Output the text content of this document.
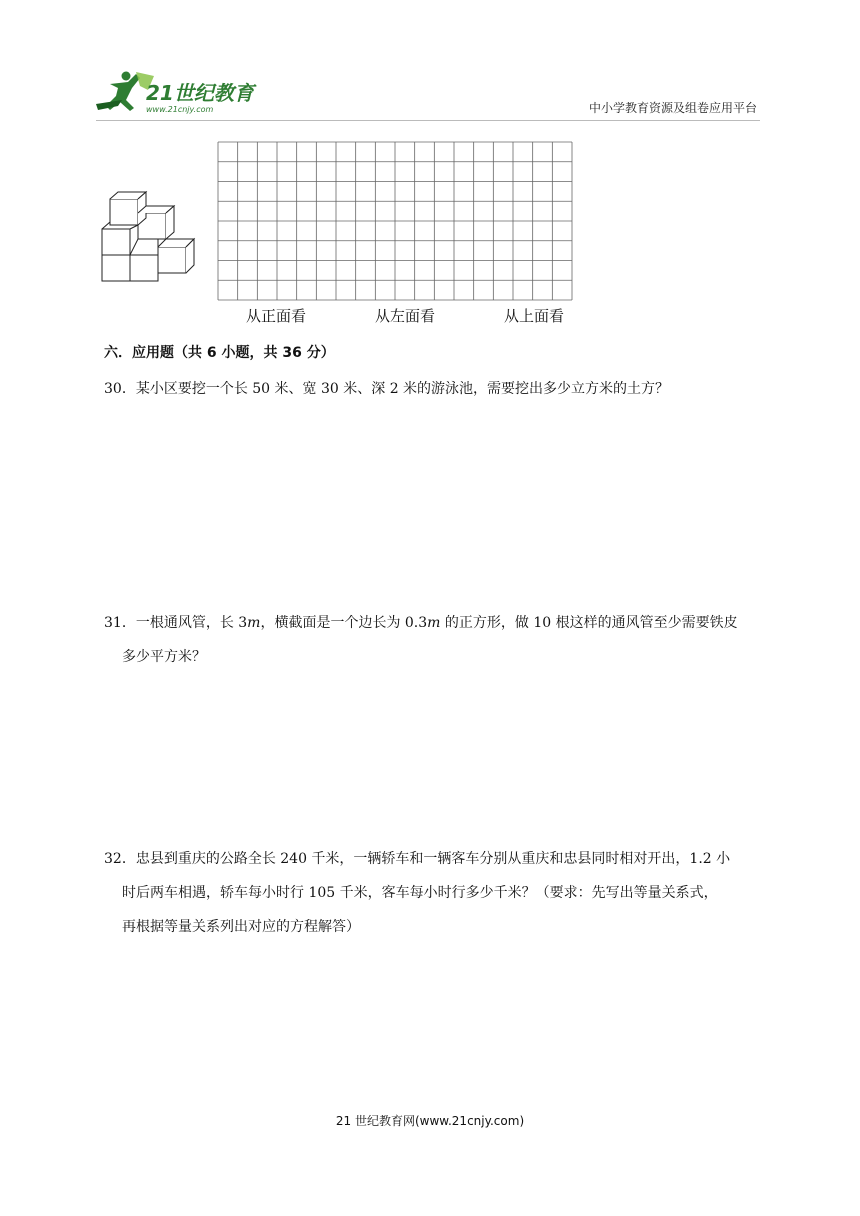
21世纪教育
www.21cnjy.com	中小学教育资源及组卷应用平台
从正面看	从左面看	从上面看
六．应用题（共 6 小题，共 36 分）
30．某小区要挖一个长 50 米、宽 30 米、深 2 米的游泳池，需要挖出多少立方米的土方？
31．一根通风管，长 3m，横截面是一个边长为 0.3m 的正方形，做 10 根这样的通风管至少需要铁皮
多少平方米？
32．忠县到重庆的公路全长 240 千米，一辆轿车和一辆客车分别从重庆和忠县同时相对开出，1.2 小
时后两车相遇，轿车每小时行 105 千米，客车每小时行多少千米？（要求：先写出等量关系式，
再根据等量关系列出对应的方程解答）
21 世纪教育网(www.21cnjy.com)
